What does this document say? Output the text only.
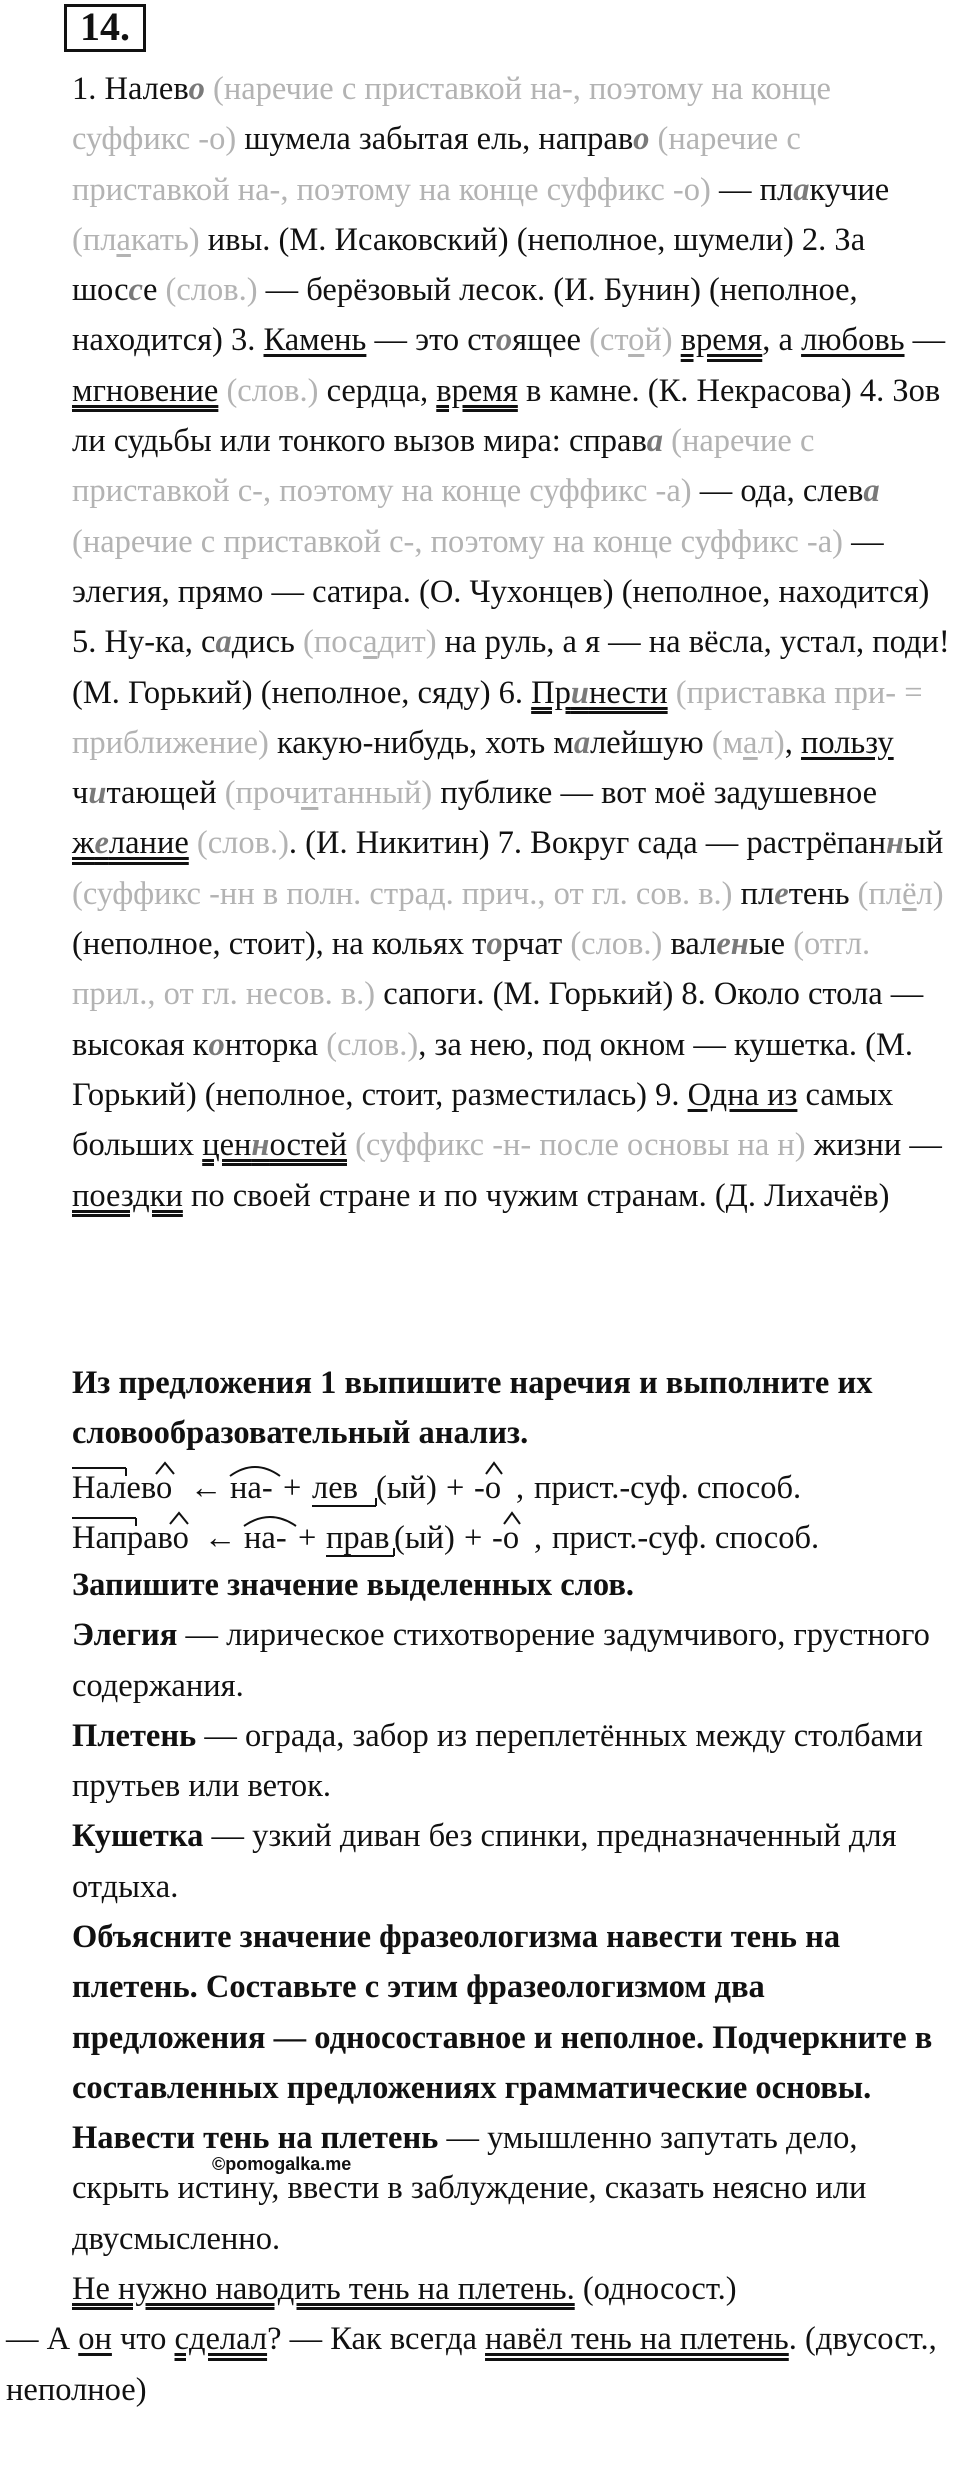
14.

1. Налево (наречие с приставкой на-, поэтому на конце суффикс -о) шумела забытая ель, направо (наречие с приставкой на-, поэтому на конце суффикс -о) — плакучие (плакать) ивы. (М. Исаковский) (неполное, шумели) 2. За шоссе (слов.) — берёзовый лесок. (И. Бунин) (неполное, находится) 3. Камень — это стоящее (стой) время, а любовь — мгновение (слов.) сердца, время в камне. (К. Некрасова) 4. Зов ли судьбы или тонкого вызов мира: справа (наречие с приставкой с-, поэтому на конце суффикс -а) — ода, слева (наречие с приставкой с-, поэтому на конце суффикс -а) — элегия, прямо — сатира. (О. Чухонцев) (неполное, находится) 5. Ну-ка, садись (посадит) на руль, а я — на вёсла, устал, поди! (М. Горький) (неполное, сяду) 6. Принести (приставка при- = приближение) какую-нибудь, хоть малейшую (мал), пользу читающей (прочитанный) публике — вот моё задушевное желание (слов.). (И. Никитин) 7. Вокруг сада — растрёпанный (суффикс -нн в полн. страд. прич., от гл. сов. в.) плетень (плёл) (неполное, стоит), на кольях торчат (слов.) валеные (отгл. прил., от гл. несов. в.) сапоги. (М. Горький) 8. Около стола — высокая конторка (слов.), за нею, под окном — кушетка. (М. Горький) (неполное, стоит, разместилась) 9. Одна из самых больших ценностей (суффикс -н- после основы на н) жизни — поездки по своей стране и по чужим странам. (Д. Лихачёв)

Из предложения 1 выпишите наречия и выполните их словообразовательный анализ.

Налево ← на- + лев (ый) + -о , прист.-суф. способ.
Направо ← на- + прав (ый) + -о , прист.-суф. способ.

Запишите значение выделенных слов.

Элегия — лирическое стихотворение задумчивого, грустного содержания.

Плетень — ограда, забор из переплетённых между столбами прутьев или веток.

Кушетка — узкий диван без спинки, предназначенный для отдыха.

Объясните значение фразеологизма навести тень на плетень. Составьте с этим фразеологизмом два предложения — односоставное и неполное. Подчеркните в составленных предложениях грамматические основы.

Навести тень на плетень — умышленно запутать дело, скрыть истину, ввести в заблуждение, сказать неясно или двусмысленно.

Не нужно наводить тень на плетень. (односост.)

— А он что сделал? — Как всегда навёл тень на плетень. (двусост., неполное)

©pomogalka.me
